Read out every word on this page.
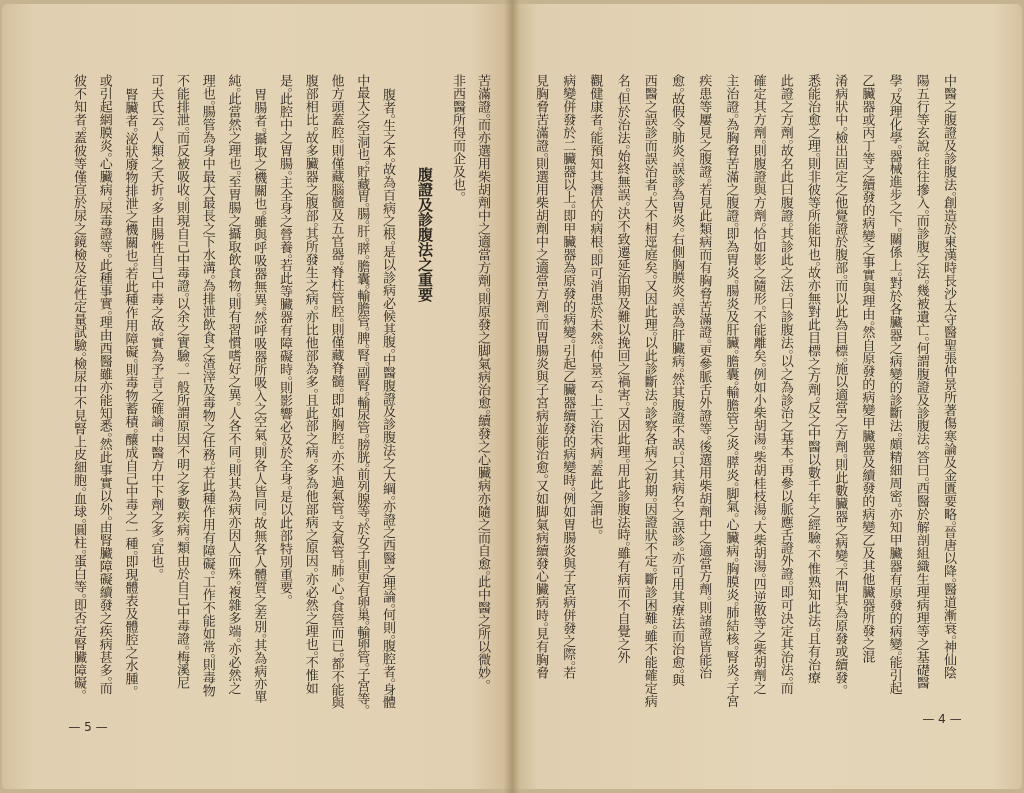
苦滿證。而亦選用柴胡劑中之適當方劑。則原發之脚氣病治愈。續發之心臟病亦隨之而自愈。此中醫之所以微妙。
非西醫所得而企及也。
腹證及診腹法之重要
腹者。生之本。故為百病之根。是以診病必候其腹。中醫腹證及診腹法之大綱。亦證之西醫之理論。何則。腹腔者。身體
中最大之空洞也。貯藏胃。腸。肝。膵。膽囊。輸膽管。脾。腎。副腎。輸尿管。膀胱。前列腺等。於女子則更有卵巢。輸卵管。子宮等。
他方頭蓋腔。則僅藏腦髓及五官器。脊柱管腔。則僅藏脊髓。即如胸腔。亦不過氣管。支氣管。肺。心。食管而已。都不能與
腹部相比。故多臟器之腹部。其所發生之病。亦比他部為多。且此部之病。多為他部病之原因。亦必然之理也。不惟如
是。此腔中之胃腸。主全身之營養。若此等臟器有障礙時。則影響必及於全身。是以此部特別重要。
胃腸者。攝取之機關也。雖與呼吸器無異。然呼吸器所吸入之空氣。則各人皆同。故無各人體質之差別。其為病亦單
純。此當然之理也。至胃腸之攝取飲食物。則有習慣嗜好之異。人各不同。則其為病亦因人而殊。複雜多端。亦必然之
理也。腸管為身中最大最長之下水溝。為排泄飲食之渣滓及毒物之任務。若此種作用有障礙。工作不能如常。則毒物
不能排泄。而反被吸收。則現自己中毒證。以余之實驗。一般所謂原因不明之多數疾病。類由於自己中毒證。梅溪尼
可夫氏云。人類之夭折。多由腸性自己中毒之故。實為予言之確論。中醫方中下劑之多。宜也。
腎臟者。泌狀廢物排泄之機關也。若此種作用障礙。則毒物蓄積。釀成自己中毒之一種。即現體表及體腔之水腫。
或引起網膜炎。心臟病。尿毒證等。此種事實。理由西醫雖亦能知悉。然此事實以外。由腎臟障礙續發之疾病甚多。而
彼不知者。蓋彼等僅宣於尿之鏡檢及定性定量試驗。檢尿中不見腎上皮細胞。血球。圓柱。蛋白等。即否定腎臟障礙。
— 5 —
中醫之腹證及診腹法。創造於東漢時長沙太守醫聖張仲景所著傷寒論及金匱要略。晉唐以降。醫道漸衰。神仙陰
陽五行等玄說。往往摻入。而診腹之法。幾被遺亡。何謂腹證及診腹法。答曰。西醫於解剖組織生理病理等之基礎醫
學。及理化學。器械進步之下。關係上。對於各臟器之病變的診斷法。頗精細周密。亦知甲臟器有原發的病變。能引起
乙臟器或丙丁等之續發的病變之事實與理由。然自原發的病變甲臟器及續發的病變乙及其他臟器所發之混
淆病狀中。檢出固定之他覺證於腹部。而以此為目標。施以適當之方劑。則此數臟器之病變。不問其為原發或續發。
悉能治愈之理。則非彼等所能知也。故亦無對此目標之方劑。反之中醫以數千年之經驗。不惟熟知此法。且有治療
此證之方劑。故名此曰腹證。其診此之法。曰診腹法。以之為診治之基本。再參以脈應舌證外證。即可決定其治法。而
確定其方劑。則腹證與方劑。恰如影之隨形。不能離矣。例如小柴胡湯。柴胡桂枝湯。大柴胡湯。四逆散等之柴胡劑之
主治證。為胸脅苦滿之腹證。即為胃炎。腸炎及肝臟。膽囊。輸膽管之炎。膵炎。脚氣。心臟病。胸膜炎。肺結核。腎炎。子宮
疾患等屢見之腹證。若見此類病而有胸脅苦滿證。更參脈舌外證等。後選用柴胡劑中之適當方劑。則諸證皆能治
愈。故假令肺炎。誤診為胃炎。右側胸膜炎。誤為肝臟病。然其腹證不誤。只其病名之誤診。亦可用其療法而治愈。與
西醫之誤診而誤治者。大不相逕庭矣。又因此理。以此診斷法。診察各病之初期。因證狀不定。斷診困難。雖不能確定病
名。但於治法。始終無誤。決不致遷延治期及難以挽回之禍害。又因此理。用此診腹法時。雖有病而不自覺之外
觀健康者。能預知其潛伏的病根。即可消患於未然。仲景云。上工治未病。蓋此之謂也。
病變併發於二臟器以上。即甲臟器為原發的病變。引起乙臟器續發的病變時。例如胃腸炎與子宮病併發之際。若
見胸脅苦滿證。則選用柴胡劑中之適當方劑。而胃腸炎與子宮病並能治愈。又如脚氣病續發心臟病時。見有胸脅
— 4 —
